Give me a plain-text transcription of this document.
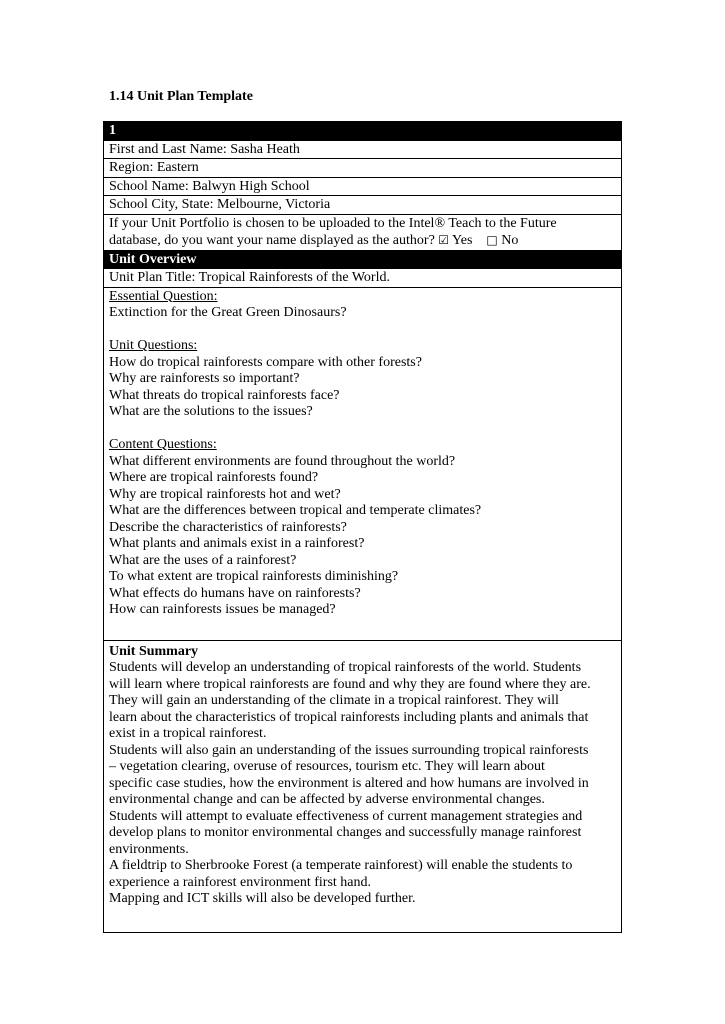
1.14 Unit Plan Template
1
First and Last Name: Sasha Heath
Region: Eastern
School Name: Balwyn High School
School City, State: Melbourne, Victoria
If your Unit Portfolio is chosen to be uploaded to the Intel® Teach to the Future
database, do you want your name displayed as the author? ☑ Yes □ No
Unit Overview
Unit Plan Title: Tropical Rainforests of the World.
Essential Question:
Extinction for the Great Green Dinosaurs?
Unit Questions:
How do tropical rainforests compare with other forests?
Why are rainforests so important?
What threats do tropical rainforests face?
What are the solutions to the issues?
Content Questions:
What different environments are found throughout the world?
Where are tropical rainforests found?
Why are tropical rainforests hot and wet?
What are the differences between tropical and temperate climates?
Describe the characteristics of rainforests?
What plants and animals exist in a rainforest?
What are the uses of a rainforest?
To what extent are tropical rainforests diminishing?
What effects do humans have on rainforests?
How can rainforests issues be managed?
Unit Summary
Students will develop an understanding of tropical rainforests of the world. Students
will learn where tropical rainforests are found and why they are found where they are.
They will gain an understanding of the climate in a tropical rainforest. They will
learn about the characteristics of tropical rainforests including plants and animals that
exist in a tropical rainforest.
Students will also gain an understanding of the issues surrounding tropical rainforests
– vegetation clearing, overuse of resources, tourism etc. They will learn about
specific case studies, how the environment is altered and how humans are involved in
environmental change and can be affected by adverse environmental changes.
Students will attempt to evaluate effectiveness of current management strategies and
develop plans to monitor environmental changes and successfully manage rainforest
environments.
A fieldtrip to Sherbrooke Forest (a temperate rainforest) will enable the students to
experience a rainforest environment first hand.
Mapping and ICT skills will also be developed further.
